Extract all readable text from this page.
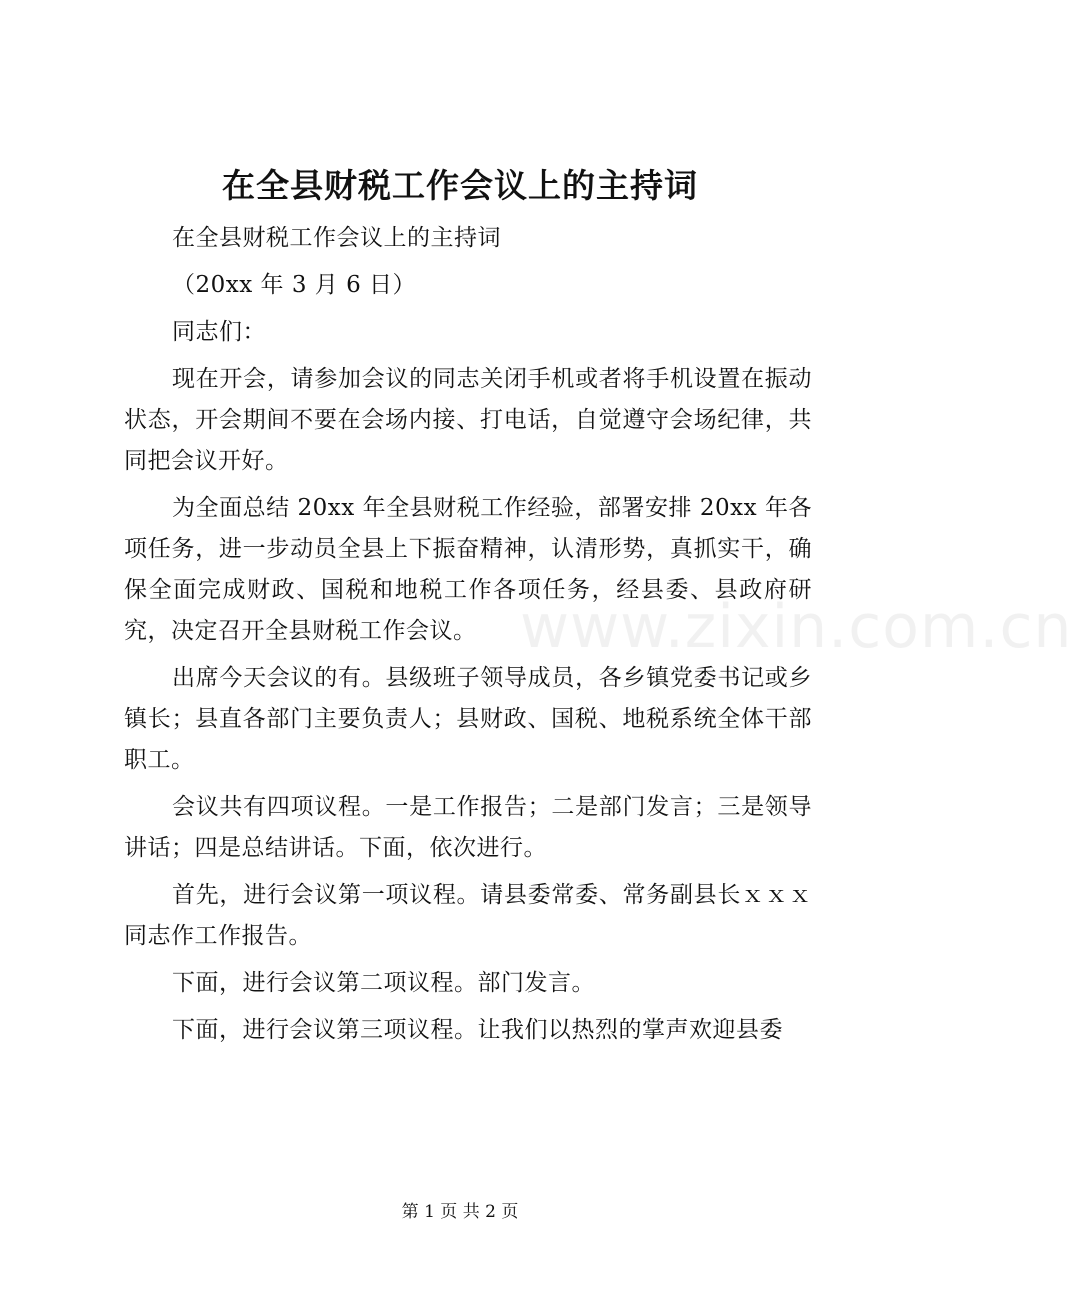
在全县财税工作会议上的主持词

在全县财税工作会议上的主持词

（20xx 年 3 月 6 日）

同志们：

现在开会，请参加会议的同志关闭手机或者将手机设置在振动状态，开会期间不要在会场内接、打电话，自觉遵守会场纪律，共同把会议开好。

为全面总结 20xx 年全县财税工作经验，部署安排 20xx 年各项任务，进一步动员全县上下振奋精神，认清形势，真抓实干，确保全面完成财政、国税和地税工作各项任务，经县委、县政府研究，决定召开全县财税工作会议。

出席今天会议的有。县级班子领导成员，各乡镇党委书记或乡镇长；县直各部门主要负责人；县财政、国税、地税系统全体干部职工。

会议共有四项议程。一是工作报告；二是部门发言；三是领导讲话；四是总结讲话。下面，依次进行。

首先，进行会议第一项议程。请县委常委、常务副县长ｘｘｘ同志作工作报告。

下面，进行会议第二项议程。部门发言。

下面，进行会议第三项议程。让我们以热烈的掌声欢迎县委

www.zixin.com.cn
第 1 页 共 2 页
